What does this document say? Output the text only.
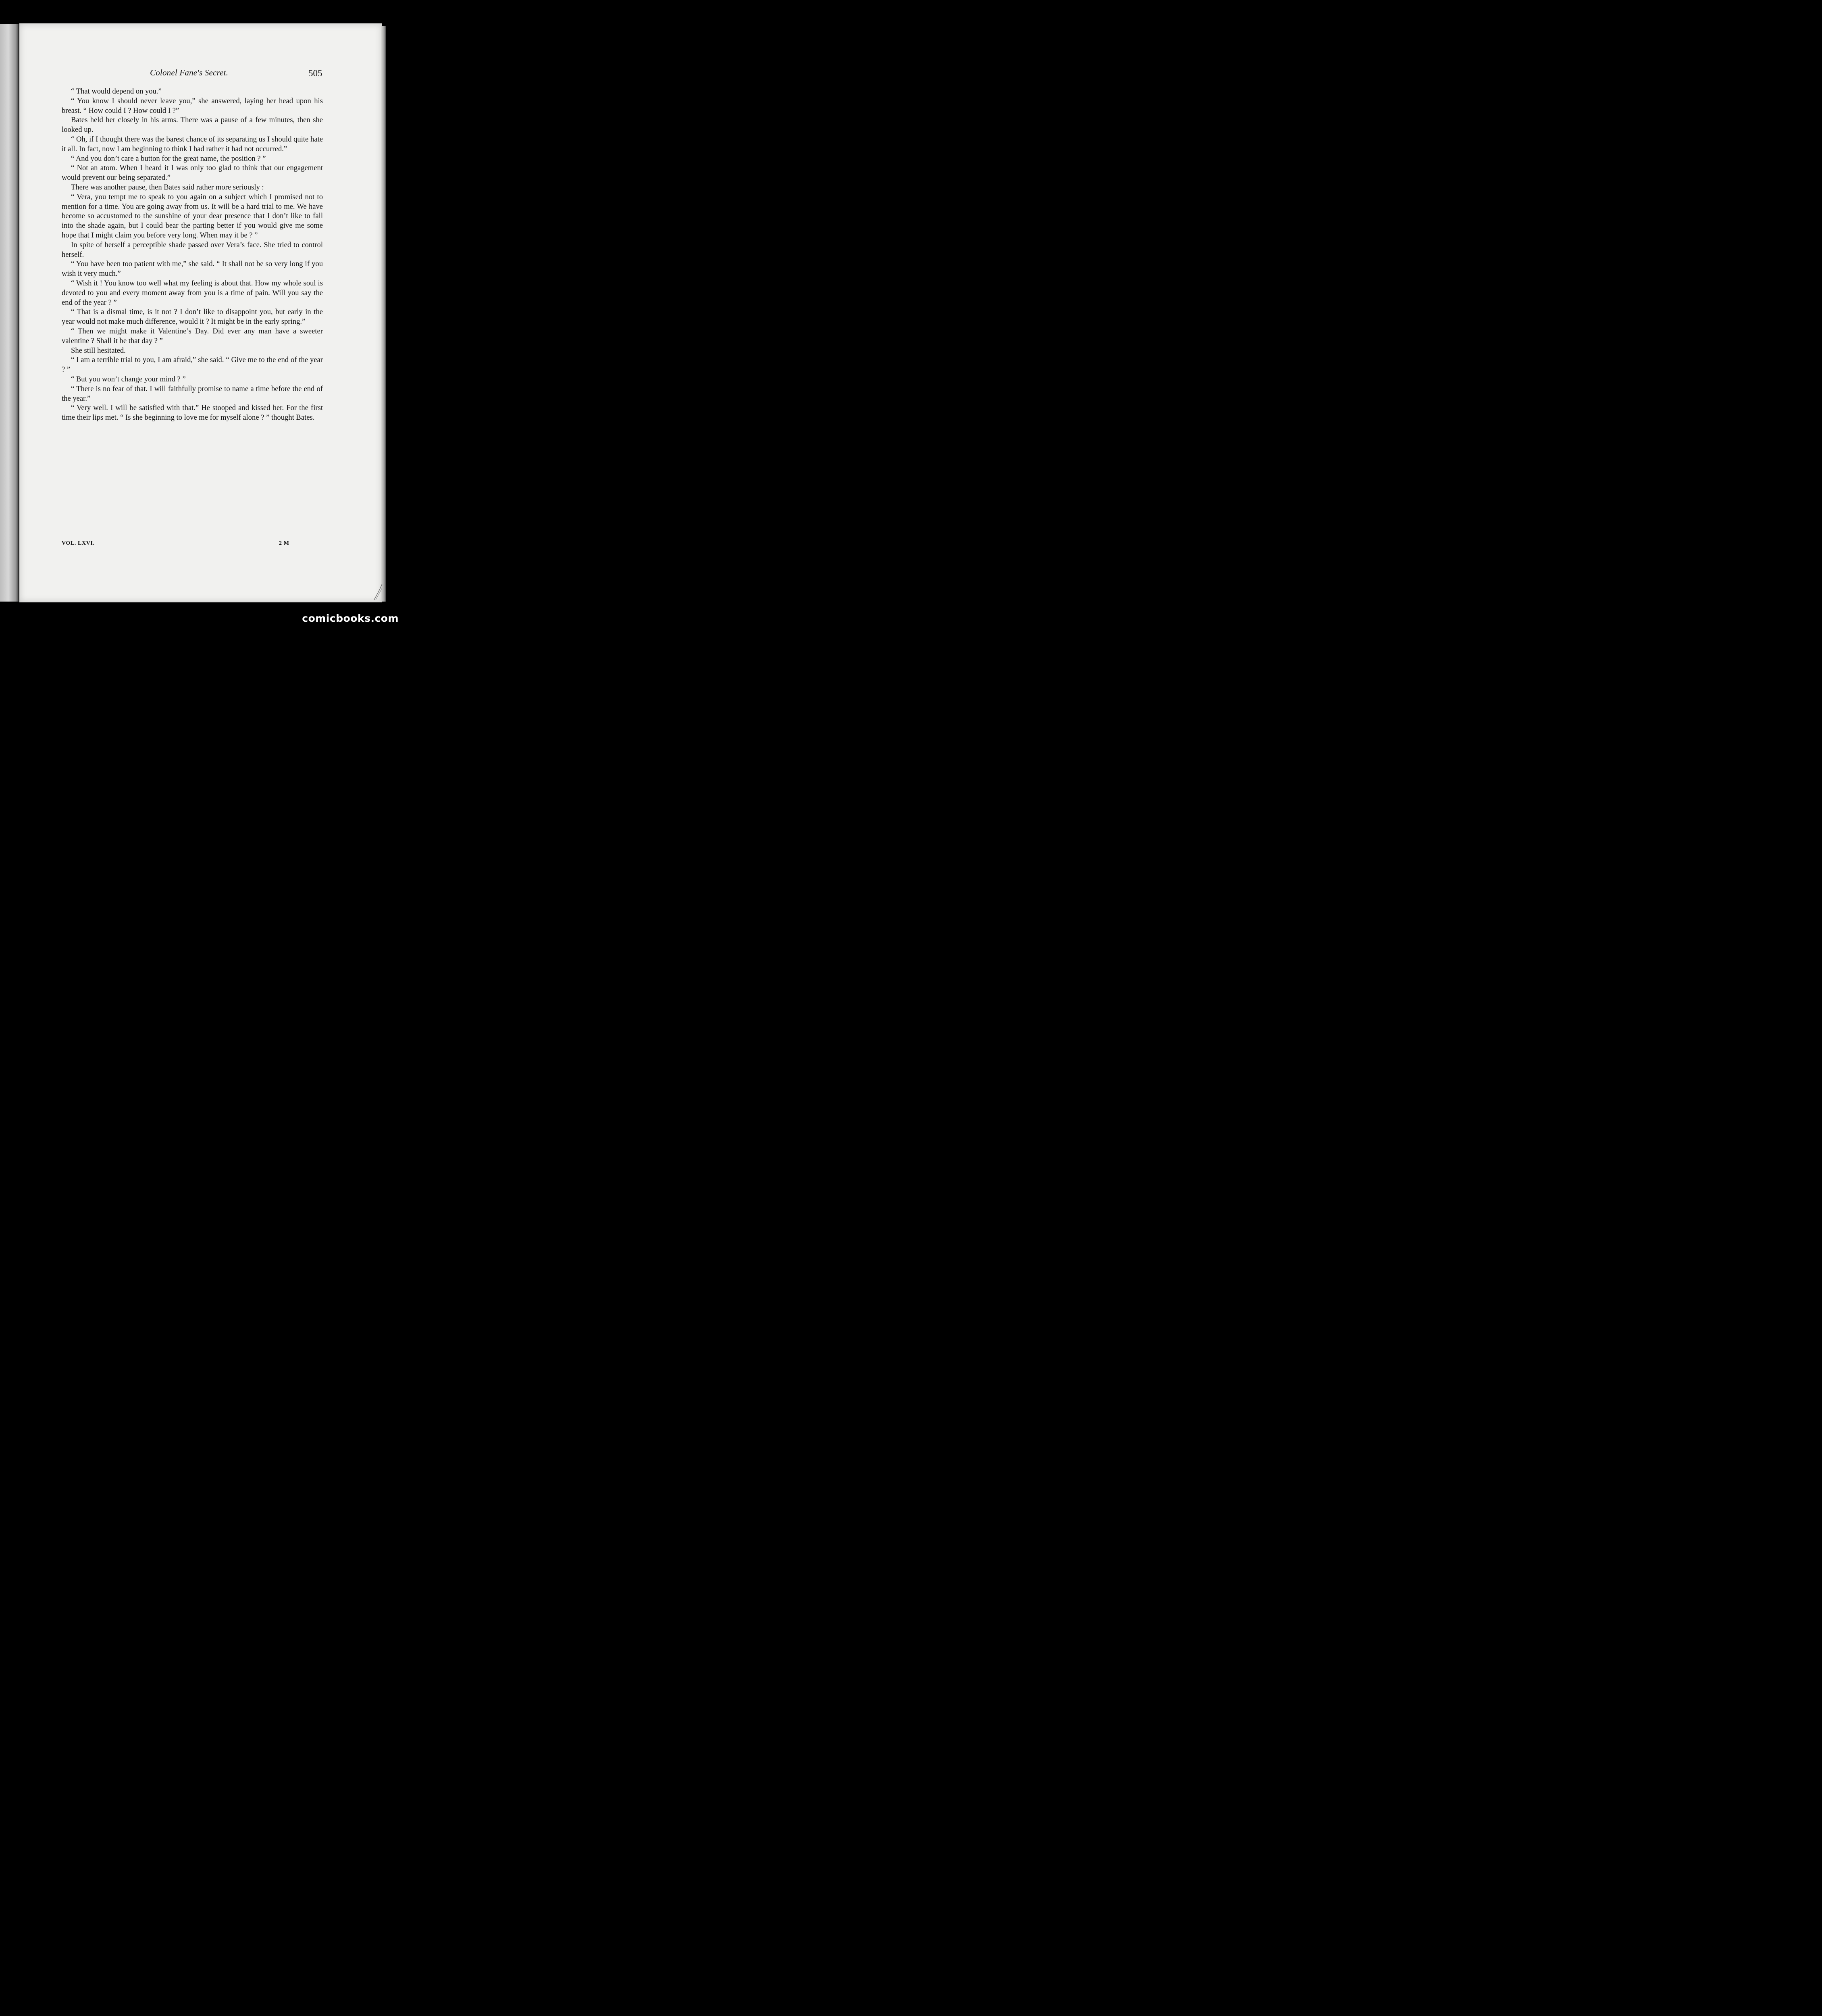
Colonel Fane's Secret.	505

“ That would depend on you.”

“ You know I should never leave you,” she answered, laying her head upon his breast. “ How could I ? How could I ?”

Bates held her closely in his arms. There was a pause of a few minutes, then she looked up.

“ Oh, if I thought there was the barest chance of its separating us I should quite hate it all. In fact, now I am beginning to think I had rather it had not occurred.”

“ And you don’t care a button for the great name, the position ? ”

“ Not an atom. When I heard it I was only too glad to think that our engagement would prevent our being separated.”

There was another pause, then Bates said rather more seriously :

“ Vera, you tempt me to speak to you again on a subject which I promised not to mention for a time. You are going away from us. It will be a hard trial to me. We have become so accustomed to the sunshine of your dear presence that I don’t like to fall into the shade again, but I could bear the parting better if you would give me some hope that I might claim you before very long. When may it be ? ”

In spite of herself a perceptible shade passed over Vera’s face. She tried to control herself.

“ You have been too patient with me,” she said. “ It shall not be so very long if you wish it very much.”

“ Wish it ! You know too well what my feeling is about that. How my whole soul is devoted to you and every moment away from you is a time of pain. Will you say the end of the year ? ”

“ That is a dismal time, is it not ? I don’t like to disappoint you, but early in the year would not make much difference, would it ? It might be in the early spring.”

“ Then we might make it Valentine’s Day. Did ever any man have a sweeter valentine ? Shall it be that day ? ”

She still hesitated.

“ I am a terrible trial to you, I am afraid,” she said. “ Give me to the end of the year ? ”

“ But you won’t change your mind ? ”

“ There is no fear of that. I will faithfully promise to name a time before the end of the year.”

“ Very well. I will be satisfied with that.” He stooped and kissed her. For the first time their lips met. “ Is she beginning to love me for myself alone ? ” thought Bates.

VOL. LXVI.	2 M
comicbooks.com
